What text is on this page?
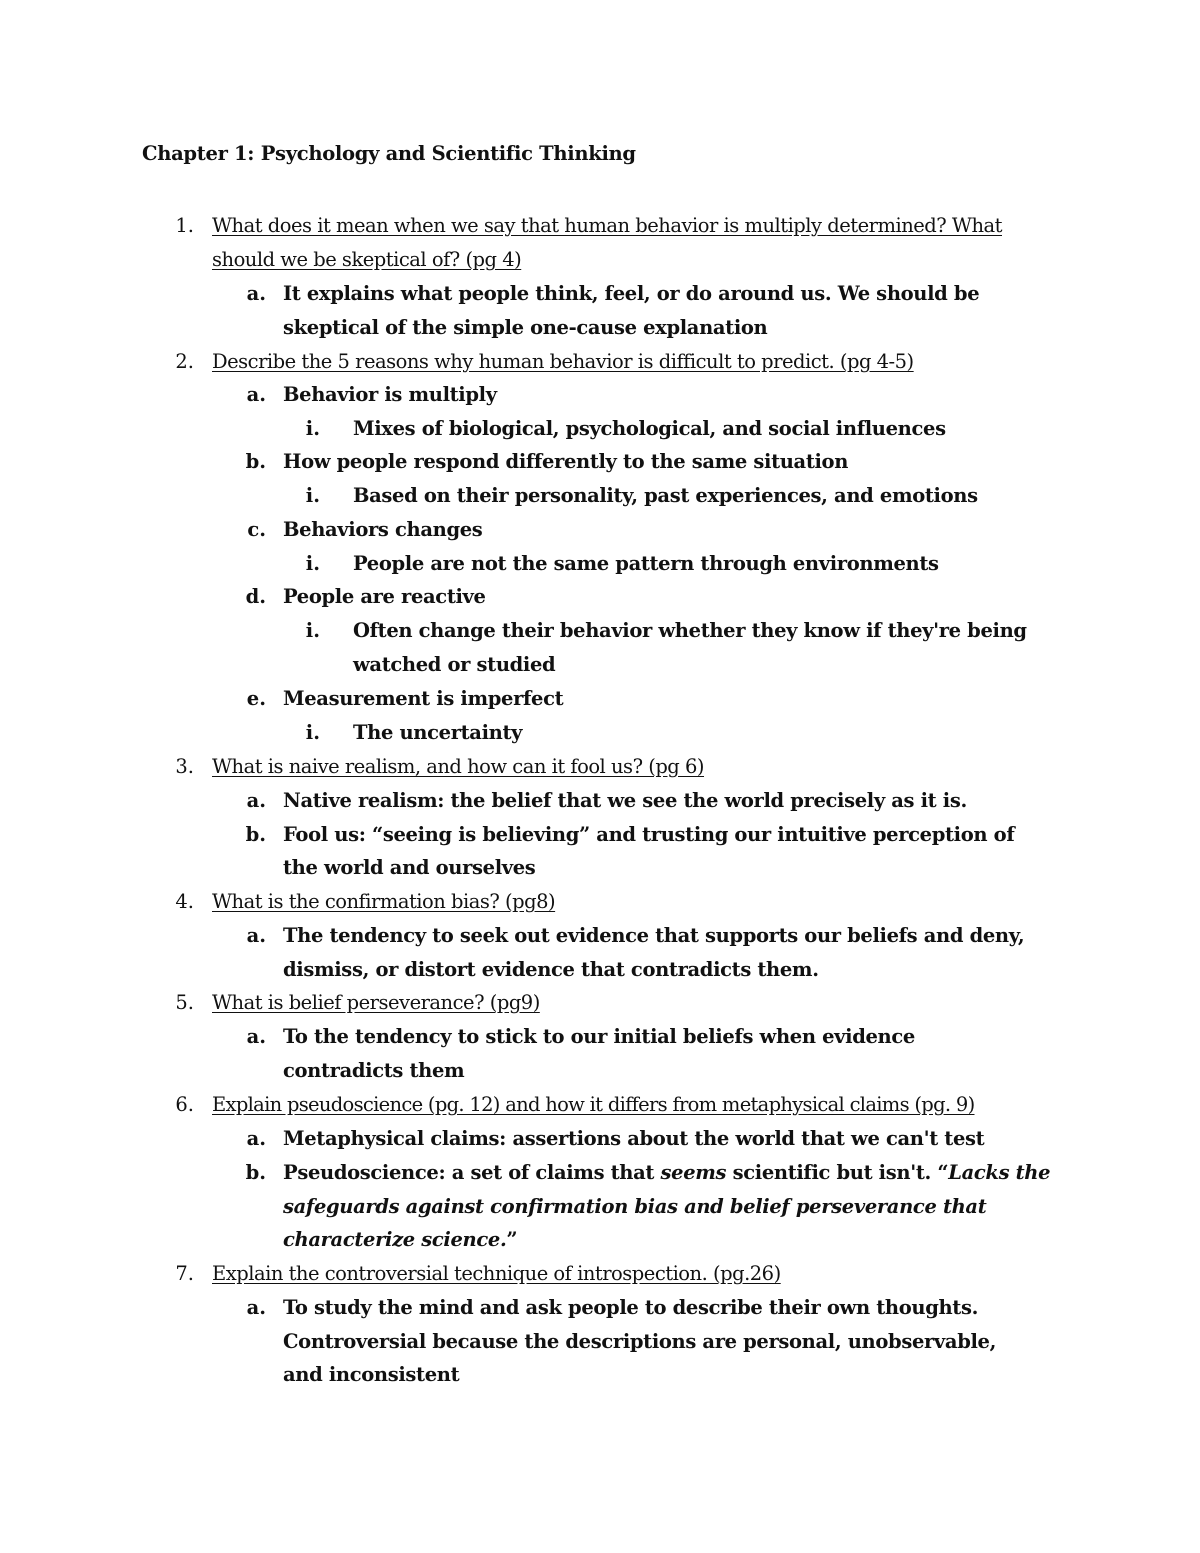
Chapter 1: Psychology and Scientific Thinking
1. What does it mean when we say that human behavior is multiply determined? What
should we be skeptical of? (pg 4)
a. It explains what people think, feel, or do around us. We should be
skeptical of the simple one-cause explanation
2. Describe the 5 reasons why human behavior is difficult to predict. (pg 4-5)
a. Behavior is multiply
i. Mixes of biological, psychological, and social influences
b. How people respond differently to the same situation
i. Based on their personality, past experiences, and emotions
c. Behaviors changes
i. People are not the same pattern through environments
d. People are reactive
i. Often change their behavior whether they know if they're being
watched or studied
e. Measurement is imperfect
i. The uncertainty
3. What is naive realism, and how can it fool us? (pg 6)
a. Native realism: the belief that we see the world precisely as it is.
b. Fool us: “seeing is believing” and trusting our intuitive perception of
the world and ourselves
4. What is the confirmation bias? (pg8)
a. The tendency to seek out evidence that supports our beliefs and deny,
dismiss, or distort evidence that contradicts them.
5. What is belief perseverance? (pg9)
a. To the tendency to stick to our initial beliefs when evidence
contradicts them
6. Explain pseudoscience (pg. 12) and how it differs from metaphysical claims (pg. 9)
a. Metaphysical claims: assertions about the world that we can't test
b. Pseudoscience: a set of claims that seems scientific but isn't. “Lacks the
safeguards against confirmation bias and belief perseverance that
characterize science.”
7. Explain the controversial technique of introspection. (pg.26)
a. To study the mind and ask people to describe their own thoughts.
Controversial because the descriptions are personal, unobservable,
and inconsistent
